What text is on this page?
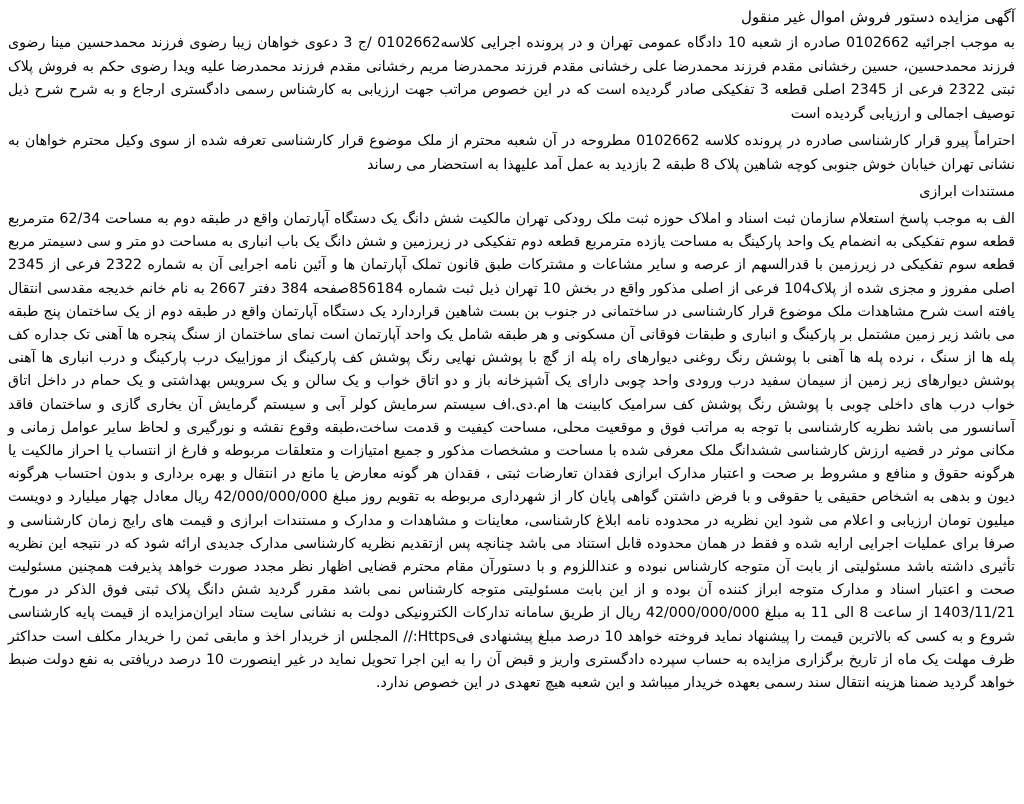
آگهی مزایده دستور فروش اموال غیر منقول
به موجب اجرائیه 0102662 صادره از شعبه 10 دادگاه عمومی تهران و در پرونده اجرایی کلاسه0102662 /ج 3 دعوی خواهان زیبا رضوی فرزند محمدحسین مینا رضوی فرزند محمدحسین، حسین رخشانی مقدم فرزند محمدرضا علی رخشانی مقدم فرزند محمدرضا مریم رخشانی مقدم فرزند محمدرضا علیه ویدا رضوی حکم به فروش پلاک ثبتی 2322 فرعی از 2345 اصلی قطعه 3 تفکیکی صادر گردیده است که در این خصوص مراتب جهت ارزیابی به کارشناس رسمی دادگستری ارجاع و به شرح شرح ذیل توصیف اجمالی و ارزیابی گردیده است
احتراماً پیرو قرار کارشناسی صادره در پرونده کلاسه 0102662 مطروحه در آن شعبه محترم از ملک موضوع قرار کارشناسی تعرفه شده از سوی وکیل محترم خواهان به نشانی تهران خیابان خوش جنوبی کوچه شاهین پلاک 8 طبقه 2 بازدید به عمل آمد علیهذا به استحضار می رساند
مستندات ابرازی
الف به موجب پاسخ استعلام سازمان ثبت اسناد و املاک حوزه ثبت ملک رودکی تهران مالکیت شش دانگ یک دستگاه آپارتمان واقع در طبقه دوم به مساحت 62/34 مترمربع قطعه سوم تفکیکی به انضمام یک واحد پارکینگ به مساحت یازده مترمربع قطعه دوم تفکیکی در زیرزمین و شش دانگ یک باب انباری به مساحت دو متر و سی دسیمتر مربع قطعه سوم تفکیکی در زیرزمین با قدرالسهم از عرصه و سایر مشاعات و مشترکات طبق قانون تملک آپارتمان ها و آئین نامه اجرایی آن به شماره 2322 فرعی از 2345 اصلی مفروز و مجزی شده از پلاک104 فرعی از اصلی مذکور واقع در بخش 10 تهران ذیل ثبت شماره 856184صفحه 384 دفتر 2667 به نام خانم خدیجه مقدسی انتقال یافته است شرح مشاهدات ملک موضوع قرار کارشناسی در ساختمانی در جنوب بن بست شاهین قراردارد یک دستگاه آپارتمان واقع در طبقه دوم از یک ساختمان پنج طبقه می باشد زیر زمین مشتمل بر پارکینگ و انباری و طبقات فوقانی آن مسکونی و هر طبقه شامل یک واحد آپارتمان است نمای ساختمان از سنگ پنجره ها آهنی تک جداره کف پله ها از سنگ ، نرده پله ها آهنی با پوشش رنگ روغنی دیوارهای راه پله از گچ با پوشش نهایی رنگ پوشش کف پارکینگ از موزاییک درب پارکینگ و درب انباری ها آهنی پوشش دیوارهای زیر زمین از سیمان سفید درب ورودی واحد چوبی دارای یک آشپزخانه باز و دو اتاق خواب و یک سالن و یک سرویس بهداشتی و یک حمام در داخل اتاق خواب درب های داخلی چوبی با پوشش رنگ پوشش کف سرامیک کابینت ها ام.دی.اف سیستم سرمایش کولر آبی و سیستم گرمایش آن بخاری گازی و ساختمان فاقد آسانسور می باشد نظریه کارشناسی با توجه به مراتب فوق و موقعیت محلی، مساحت کیفیت و قدمت ساخت،طبقه وقوع نقشه و نورگیری و لحاظ سایر عوامل زمانی و مکانی موثر در قضیه ارزش کارشناسی ششدانگ ملک معرفی شده با مساحت و مشخصات مذکور و جمیع امتیازات و متعلقات مربوطه و فارغ از انتساب یا احراز مالکیت یا هرگونه حقوق و منافع و مشروط بر صحت و اعتبار مدارک ابرازی فقدان تعارضات ثبتی ، فقدان هر گونه معارض یا مانع در انتقال و بهره برداری و بدون احتساب هرگونه دیون و بدهی به اشخاص حقیقی یا حقوقی و با فرض داشتن گواهی پایان کار از شهرداری مربوطه به تقویم روز مبلغ 42/000/000/000 ریال معادل چهار میلیارد و دویست میلیون تومان ارزیابی و اعلام می شود این نظریه در محدوده نامه ابلاغ کارشناسی، معاینات و مشاهدات و مدارک و مستندات ابرازی و قیمت های رایج زمان کارشناسی و صرفا برای عملیات اجرایی ارایه شده و فقط در همان محدوده قابل استناد می باشد چنانچه پس ازتقدیم نظریه کارشناسی مدارک جدیدی ارائه شود که در نتیجه این نظریه تأثیری داشته باشد مسئولیتی از بابت آن متوجه کارشناس نبوده و عنداللزوم و با دستورآن مقام محترم قضایی اظهار نظر مجدد صورت خواهد پذیرفت همچنین مسئولیت صحت و اعتبار اسناد و مدارک متوجه ابراز کننده آن بوده و از این بابت مسئولیتی متوجه کارشناس نمی باشد مقرر گردید شش دانگ پلاک ثبتی فوق الذکر در مورخ 1403/11/21 از ساعت 8 الی 11 به مبلغ 42/000/000/000 ریال از طریق سامانه تدارکات الکترونیکی دولت به نشانی سایت ستاد ایران‌مزایده از قیمت پایه کارشناسی شروع و به کسی که بالاترین قیمت را پیشنهاد نماید فروخته خواهد 10 درصد مبلغ پیشنهادی فی‌Https:// المجلس از خریدار اخذ و مابقی ثمن را خریدار مکلف است حداکثر ظرف مهلت یک ماه از تاریخ برگزاری مزایده به حساب سپرده دادگستری واریز و قبض آن را به این اجرا تحویل نماید در غیر اینصورت 10 درصد دریافتی به نفع دولت ضبط خواهد گردید ضمنا هزینه انتقال سند رسمی بعهده خریدار میباشد و این شعبه هیچ تعهدی در این خصوص ندارد.
